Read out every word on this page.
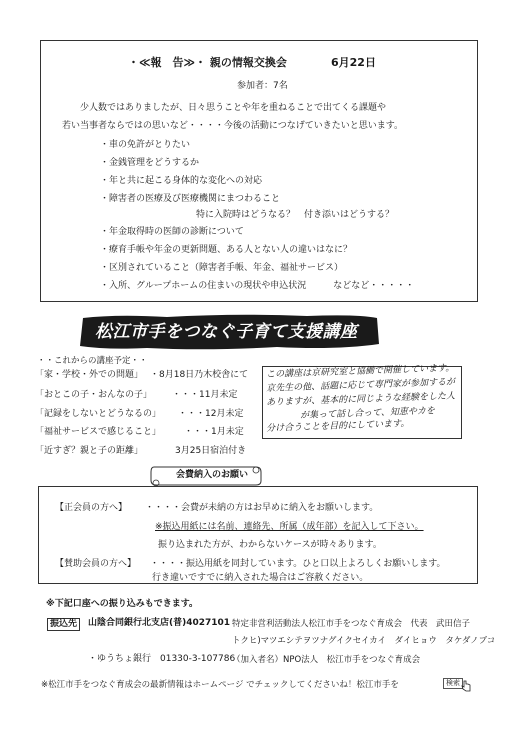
・≪報　告≫・ 親の情報交換会	6月22日
参加者：7名
少人数ではありましたが、日々思うことや年を重ねることで出てくる課題や
若い当事者ならではの思いなど・・・・今後の活動につなげていきたいと思います。
・車の免許がとりたい
・金銭管理をどうするか
・年と共に起こる身体的な変化への対応
・障害者の医療及び医療機関にまつわること
特に入院時はどうなる？　付き添いはどうする？
・年金取得時の医師の診断について
・療育手帳や年金の更新問題、ある人とない人の違いはなに？
・区別されていること（障害者手帳、年金、福祉サービス）
・入所、グループホームの住まいの現状や申込状況　　　などなど・・・・・
松江市手をつなぐ子育て支援講座
・・これからの講座予定・・
「家・学校・外での問題」 ・8月18日乃木校舎にて
「おとこの子・おんなの子」 ・・・11月未定
「記録をしないとどうなるの」 ・・・12月未定
「福祉サービスで感じること」	・・・1月未定
「近すぎ？親と子の距離」	3月25日宿泊付き
この講座は京研究室と協働で開催しています。
京先生の他、話題に応じて専門家が参加するが
ありますが、基本的に同じような経験をした人
が集って話し合って、知恵やカを
分け合うことを目的にしています。
会費納入のお願い
【正会員の方へ】 ・・・・会費が未納の方はお早めに納入をお願いします。
※振込用紙には名前、連絡先、所属（成年部）を記入して下さい。
振り込まれた方が、わからないケースが時々あります。
【賛助会員の方へ】 ・・・・振込用紙を同封しています。ひと口以上よろしくお願いします。
行き違いですでに納入された場合はご容赦ください。
※下記口座への振り込みもできます。
振込先	山陰合同銀行北支店(普)4027101 特定非営利活動法人松江市手をつなぐ育成会　代表　武田信子
トクヒ)マツエシテヲツナグイクセイカイ　ダイヒョウ　タケダノブコ
・ゆうちょ銀行　01330-3-107786
（加入者名）NPO法人　松江市手をつなぐ育成会
※松江市手をつなぐ育成会の最新情報はホームページ でチェックしてくださいね！松江市手を	検索
